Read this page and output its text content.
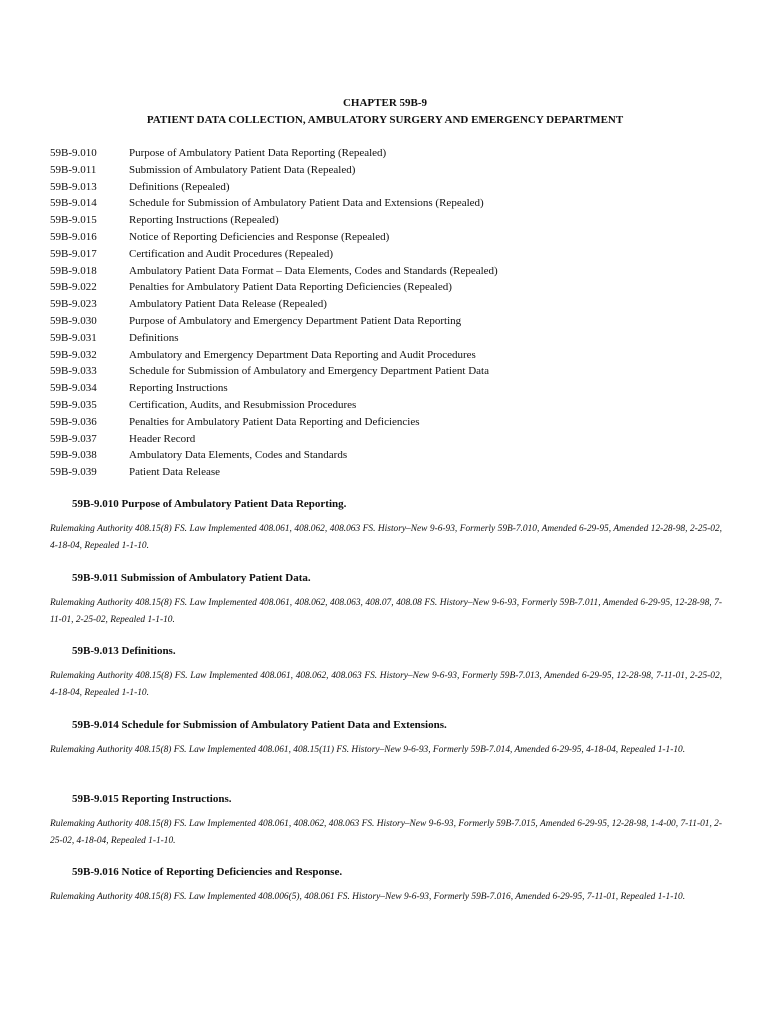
CHAPTER 59B-9
PATIENT DATA COLLECTION, AMBULATORY SURGERY AND EMERGENCY DEPARTMENT
59B-9.010	Purpose of Ambulatory Patient Data Reporting (Repealed)
59B-9.011	Submission of Ambulatory Patient Data (Repealed)
59B-9.013	Definitions (Repealed)
59B-9.014	Schedule for Submission of Ambulatory Patient Data and Extensions (Repealed)
59B-9.015	Reporting Instructions (Repealed)
59B-9.016	Notice of Reporting Deficiencies and Response (Repealed)
59B-9.017	Certification and Audit Procedures (Repealed)
59B-9.018	Ambulatory Patient Data Format – Data Elements, Codes and Standards (Repealed)
59B-9.022	Penalties for Ambulatory Patient Data Reporting Deficiencies (Repealed)
59B-9.023	Ambulatory Patient Data Release (Repealed)
59B-9.030	Purpose of Ambulatory and Emergency Department Patient Data Reporting
59B-9.031	Definitions
59B-9.032	Ambulatory and Emergency Department Data Reporting and Audit Procedures
59B-9.033	Schedule for Submission of Ambulatory and Emergency Department Patient Data
59B-9.034	Reporting Instructions
59B-9.035	Certification, Audits, and Resubmission Procedures
59B-9.036	Penalties for Ambulatory Patient Data Reporting and Deficiencies
59B-9.037	Header Record
59B-9.038	Ambulatory Data Elements, Codes and Standards
59B-9.039	Patient Data Release
59B-9.010 Purpose of Ambulatory Patient Data Reporting.
Rulemaking Authority 408.15(8) FS. Law Implemented 408.061, 408.062, 408.063 FS. History–New 9-6-93, Formerly 59B-7.010, Amended 6-29-95, Amended 12-28-98, 2-25-02, 4-18-04, Repealed 1-1-10.
59B-9.011 Submission of Ambulatory Patient Data.
Rulemaking Authority 408.15(8) FS. Law Implemented 408.061, 408.062, 408.063, 408.07, 408.08 FS. History–New 9-6-93, Formerly 59B-7.011, Amended 6-29-95, 12-28-98, 7-11-01, 2-25-02, Repealed 1-1-10.
59B-9.013 Definitions.
Rulemaking Authority 408.15(8) FS. Law Implemented 408.061, 408.062, 408.063 FS. History–New 9-6-93, Formerly 59B-7.013, Amended 6-29-95, 12-28-98, 7-11-01, 2-25-02, 4-18-04, Repealed 1-1-10.
59B-9.014 Schedule for Submission of Ambulatory Patient Data and Extensions.
Rulemaking Authority 408.15(8) FS. Law Implemented 408.061, 408.15(11) FS. History–New 9-6-93, Formerly 59B-7.014, Amended 6-29-95, 4-18-04, Repealed 1-1-10.
59B-9.015 Reporting Instructions.
Rulemaking Authority 408.15(8) FS. Law Implemented 408.061, 408.062, 408.063 FS. History–New 9-6-93, Formerly 59B-7.015, Amended 6-29-95, 12-28-98, 1-4-00, 7-11-01, 2-25-02, 4-18-04, Repealed 1-1-10.
59B-9.016 Notice of Reporting Deficiencies and Response.
Rulemaking Authority 408.15(8) FS. Law Implemented 408.006(5), 408.061 FS. History–New 9-6-93, Formerly 59B-7.016, Amended 6-29-95, 7-11-01, Repealed 1-1-10.
